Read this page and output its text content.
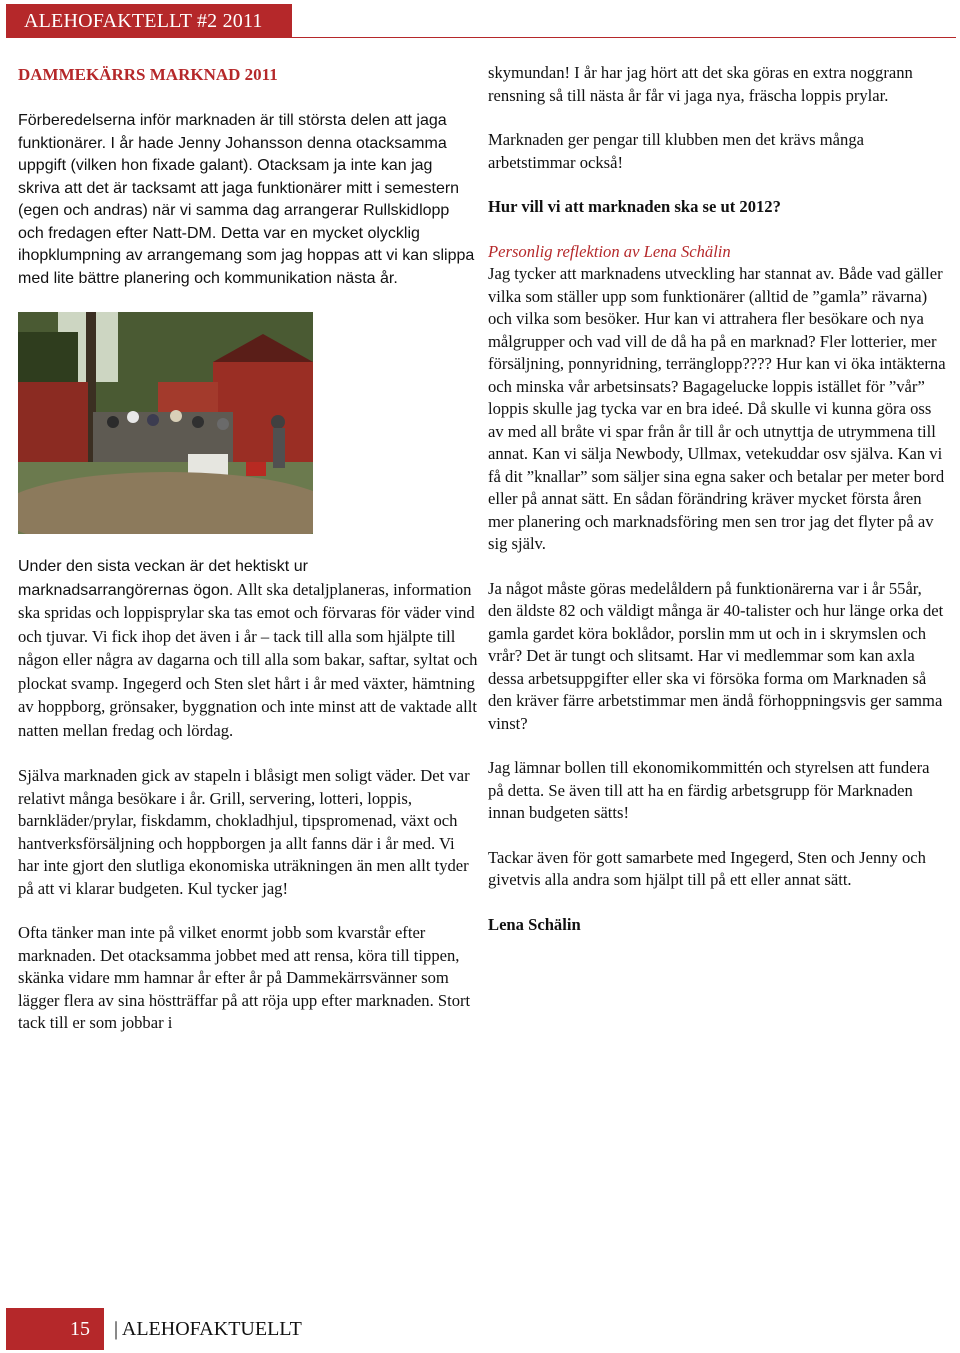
ALEHOFAKTELLT #2 2011
DAMMEKÄRRS MARKNAD 2011

Förberedelserna inför marknaden är till största delen att jaga funktionärer. I år hade Jenny Johansson denna otacksamma uppgift (vilken hon fixade galant). Otacksam ja inte kan jag skriva att det är tacksamt att jaga funktionärer mitt i semestern (egen och andras) när vi samma dag arrangerar Rullskidlopp och fredagen efter Natt-DM. Detta var en mycket olycklig ihopklumpning av arrangemang som jag hoppas att vi kan slippa med lite bättre planering och kommunikation nästa år.

Under den sista veckan är det hektiskt ur marknadsarrangörernas ögon. Allt ska detaljplaneras, information ska spridas och loppisprylar ska tas emot och förvaras för väder vind och tjuvar. Vi fick ihop det även i år – tack till alla som hjälpte till någon eller några av dagarna och till alla som bakar, saftar, syltat och plockat svamp. Ingegerd och Sten slet hårt i år med växter, hämtning av hoppborg, grönsaker, byggnation och inte minst att de vaktade allt natten mellan fredag och lördag.

Själva marknaden gick av stapeln i blåsigt men soligt väder. Det var relativt många besökare i år. Grill, servering, lotteri, loppis, barnkläder/prylar, fiskdamm, chokladhjul, tipspromenad, växt och hantverksförsäljning och hoppborgen ja allt fanns där i år med. Vi har inte gjort den slutliga ekonomiska uträkningen än men allt tyder på att vi klarar budgeten. Kul tycker jag!

Ofta tänker man inte på vilket enormt jobb som kvarstår efter marknaden. Det otacksamma jobbet med att rensa, köra till tippen, skänka vidare mm hamnar år efter år på Dammekärrsvänner som lägger flera av sina höstträffar på att röja upp efter marknaden. Stort tack till er som jobbar i

skymundan! I år har jag hört att det ska göras en extra noggrann rensning så till nästa år får vi jaga nya, fräscha loppis prylar.

Marknaden ger pengar till klubben men det krävs många arbetstimmar också!

Hur vill vi att marknaden ska se ut 2012?
Personlig reflektion av Lena Schälin

Jag tycker att marknadens utveckling har stannat av. Både vad gäller vilka som ställer upp som funktionärer (alltid de ”gamla” rävarna) och vilka som besöker. Hur kan vi attrahera fler besökare och nya målgrupper och vad vill de då ha på en marknad? Fler lotterier, mer försäljning, ponnyridning, terränglopp???? Hur kan vi öka intäkterna och minska vår arbetsinsats? Bagagelucke loppis istället för ”vår” loppis skulle jag tycka var en bra ideé. Då skulle vi kunna göra oss av med all bråte vi spar från år till år och utnyttja de utrymmena till annat. Kan vi sälja Newbody, Ullmax, vetekuddar osv själva. Kan vi få dit ”knallar” som säljer sina egna saker och betalar per meter bord eller på annat sätt. En sådan förändring kräver mycket första åren mer planering och marknadsföring men sen tror jag det flyter på av sig själv.

Ja något måste göras medelåldern på funktionärerna var i år 55år, den äldste 82 och väldigt många är 40-talister och hur länge orka det gamla gardet köra boklådor, porslin mm ut och in i skrymslen och vrår? Det är tungt och slitsamt. Har vi medlemmar som kan axla dessa arbetsuppgifter eller ska vi försöka forma om Marknaden så den kräver färre arbetstimmar men ändå förhoppningsvis ger samma vinst?

Jag lämnar bollen till ekonomikommittén och styrelsen att fundera på detta. Se även till att ha en färdig arbetsgrupp för Marknaden innan budgeten sätts!

Tackar även för gott samarbete med Ingegerd, Sten och Jenny och givetvis alla andra som hjälpt till på ett eller annat sätt.

Lena Schälin
15	| ALEHOFAKTUELLT
